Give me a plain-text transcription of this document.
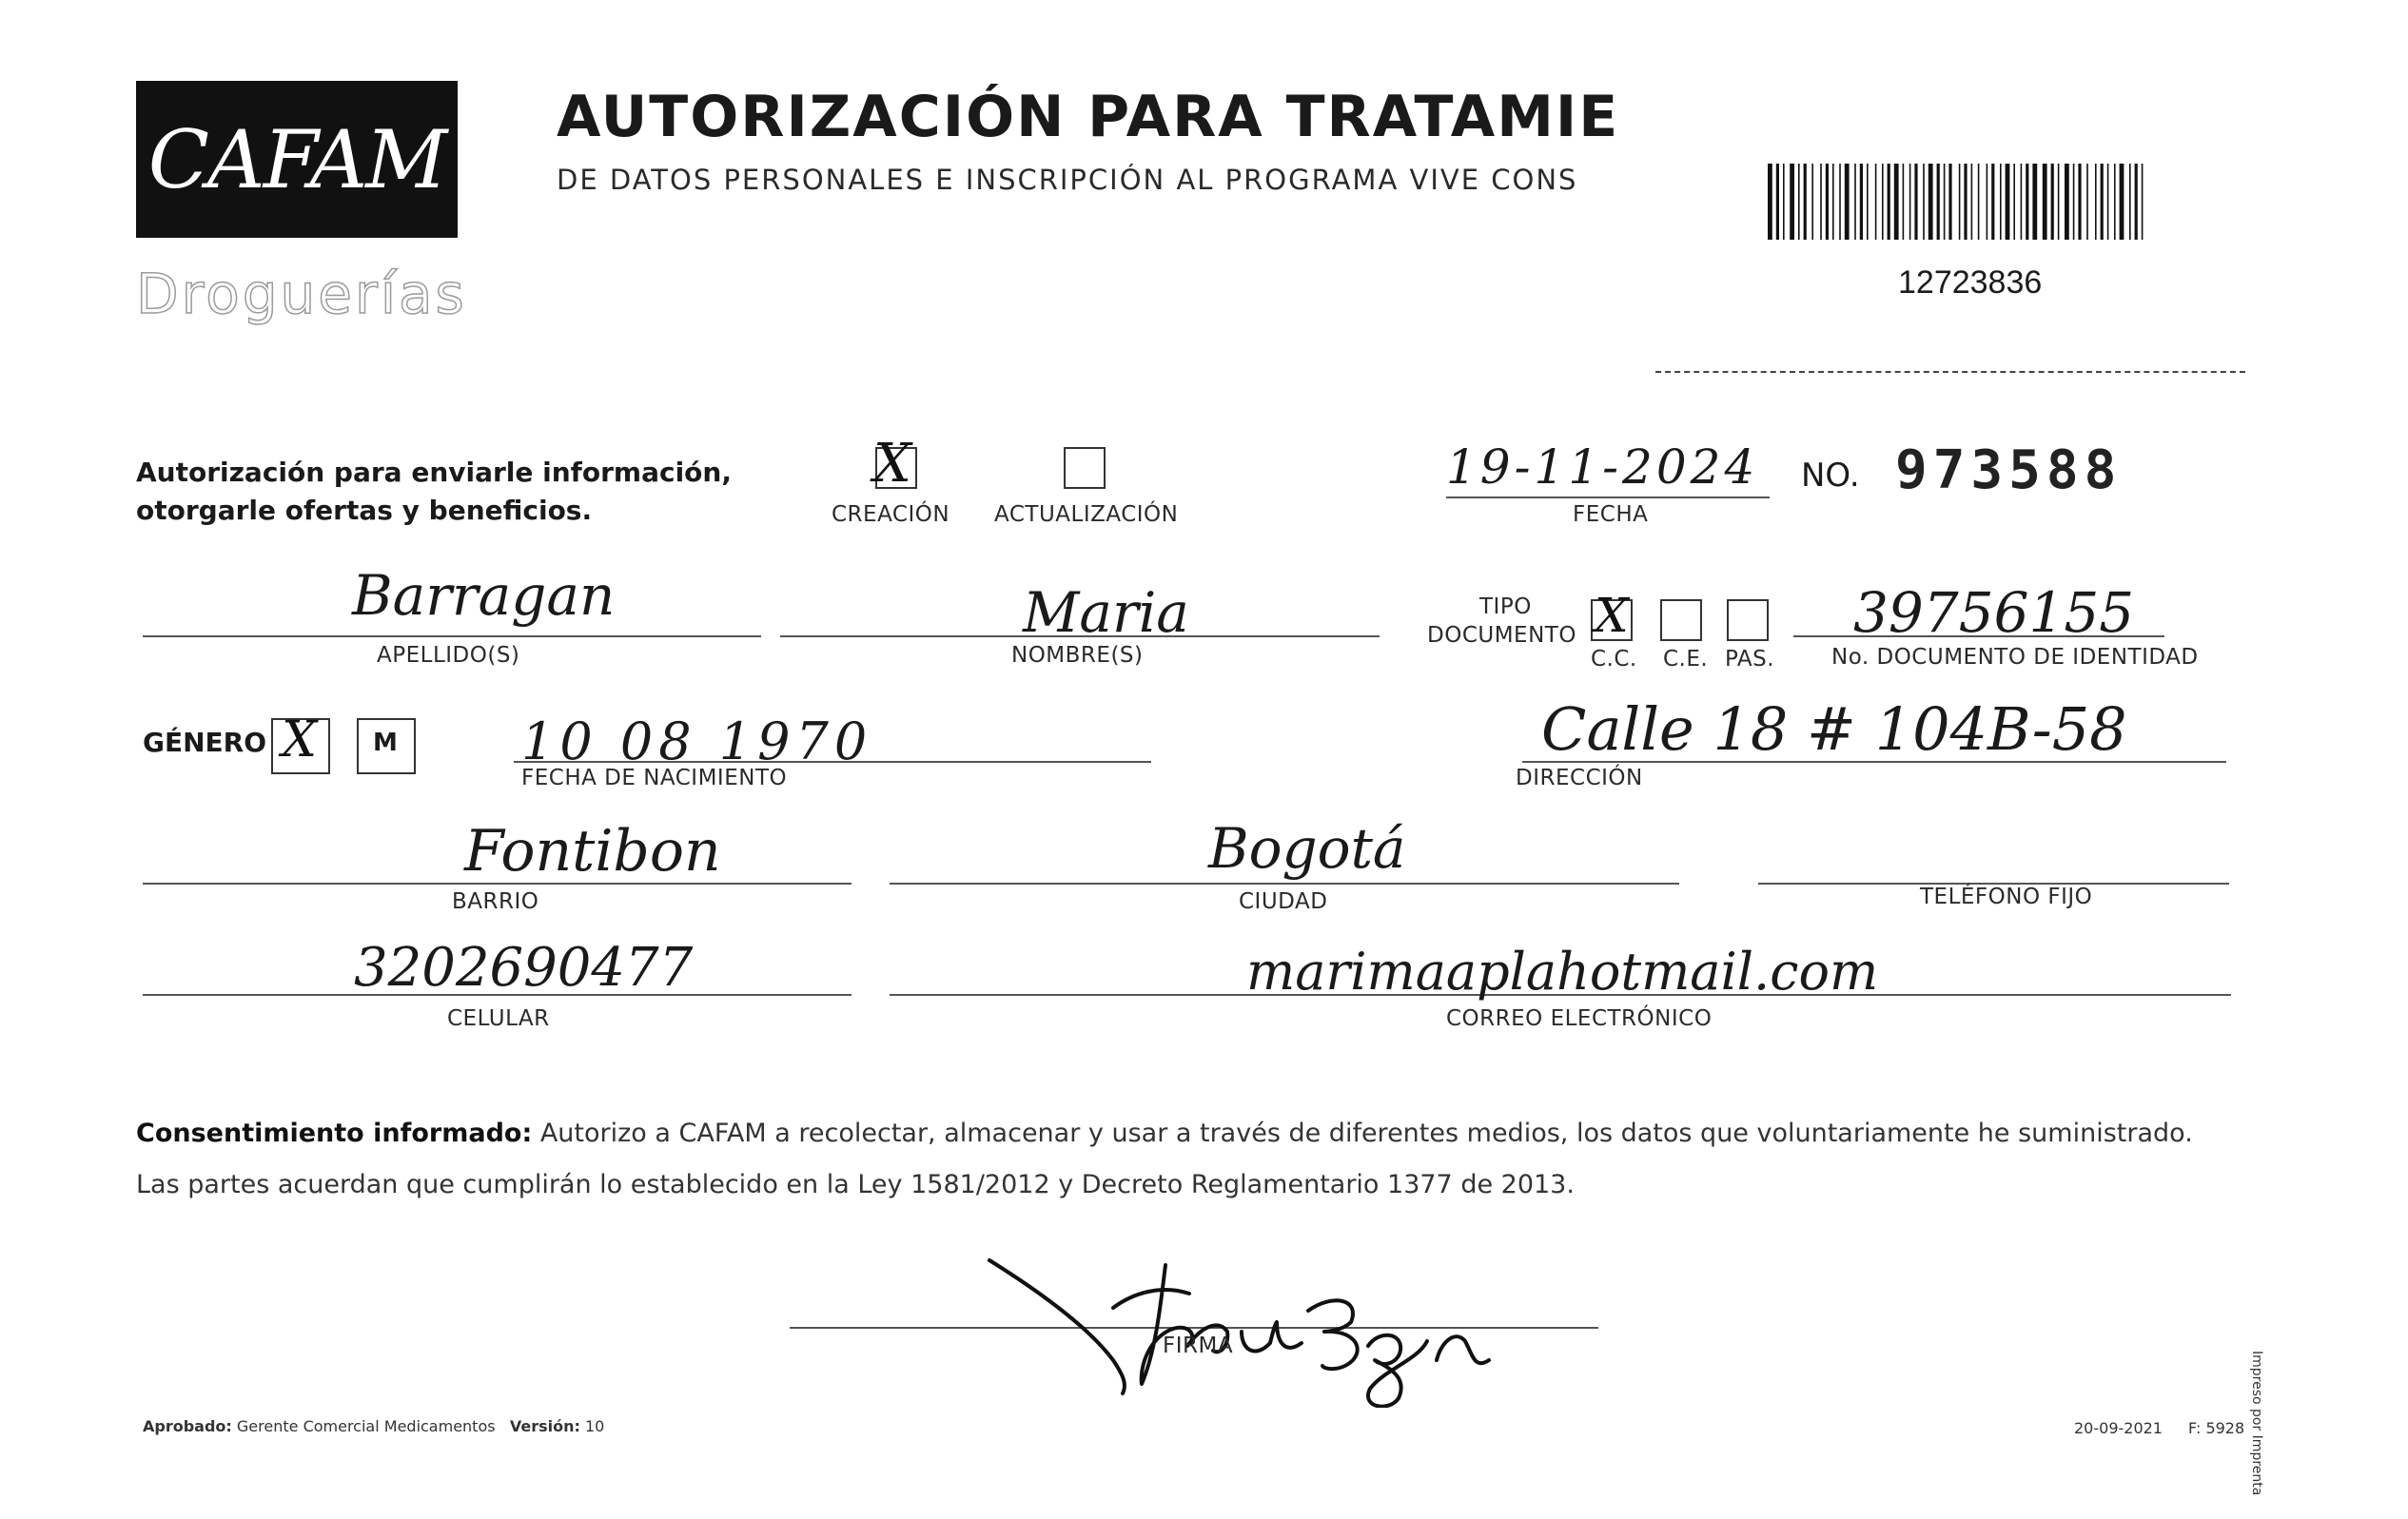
CAFAM
Droguerías
AUTORIZACIÓN PARA TRATAMIE
DE DATOS PERSONALES E INSCRIPCIÓN AL PROGRAMA VIVE CONS
12723836
Autorización para enviarle información,
otorgarle ofertas y beneficios.
X
CREACIÓN ACTUALIZACIÓN
19-11-2024
FECHA
NO. 973588
Barragan
APELLIDO(S)
Maria
NOMBRE(S)
TIPO
DOCUMENTO X
C.C. C.E. PAS.
39756155
No. DOCUMENTO DE IDENTIDAD
GÉNERO X M 10 08 1970
FECHA DE NACIMIENTO
Calle 18 # 104B-58
DIRECCIÓN
Fontibon
BARRIO
Bogotá
CIUDAD	TELÉFONO FIJO
3202690477
CELULAR
marimaaplahotmail.com
CORREO ELECTRÓNICO
Consentimiento informado: Autorizo a CAFAM a recolectar, almacenar y usar a través de diferentes medios, los datos que voluntariamente he suministrado.
Las partes acuerdan que cumplirán lo establecido en la Ley 1581/2012 y Decreto Reglamentario 1377 de 2013.
FIRMA
Aprobado: Gerente Comercial Medicamentos Versión: 10	20-09-2021 F: 5928 Impreso por Imprenta
